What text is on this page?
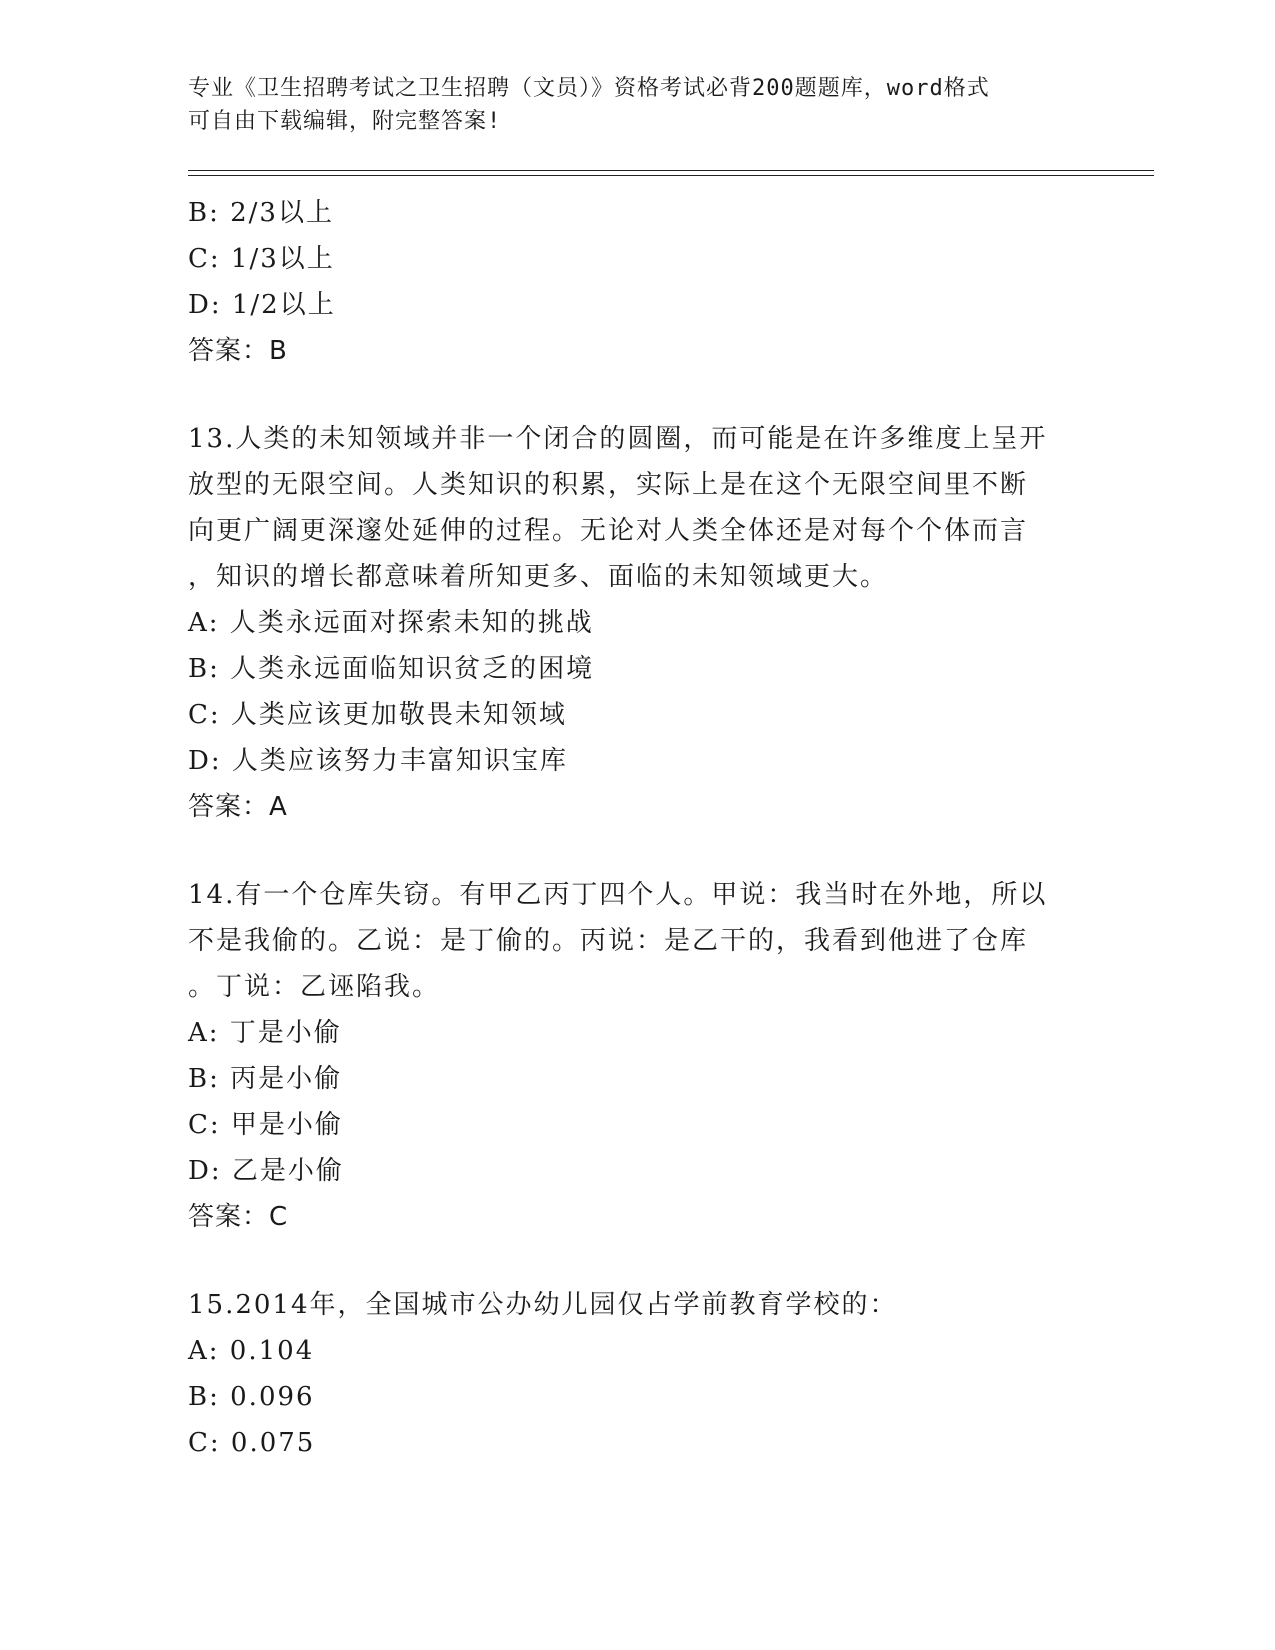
专业《卫生招聘考试之卫生招聘（文员）》资格考试必背200题题库，word格式
可自由下载编辑，附完整答案!
B: 2/3以上
C: 1/3以上
D: 1/2以上
答案：B
13.人类的未知领域并非一个闭合的圆圈，而可能是在许多维度上呈开
放型的无限空间。人类知识的积累，实际上是在这个无限空间里不断
向更广阔更深邃处延伸的过程。无论对人类全体还是对每个个体而言
，知识的增长都意味着所知更多、面临的未知领域更大。
A: 人类永远面对探索未知的挑战
B: 人类永远面临知识贫乏的困境
C: 人类应该更加敬畏未知领域
D: 人类应该努力丰富知识宝库
答案：A
14.有一个仓库失窃。有甲乙丙丁四个人。甲说：我当时在外地，所以
不是我偷的。乙说：是丁偷的。丙说：是乙干的，我看到他进了仓库
。丁说：乙诬陷我。
A: 丁是小偷
B: 丙是小偷
C: 甲是小偷
D: 乙是小偷
答案：C
15.2014年，全国城市公办幼儿园仅占学前教育学校的：
A: 0.104
B: 0.096
C: 0.075
